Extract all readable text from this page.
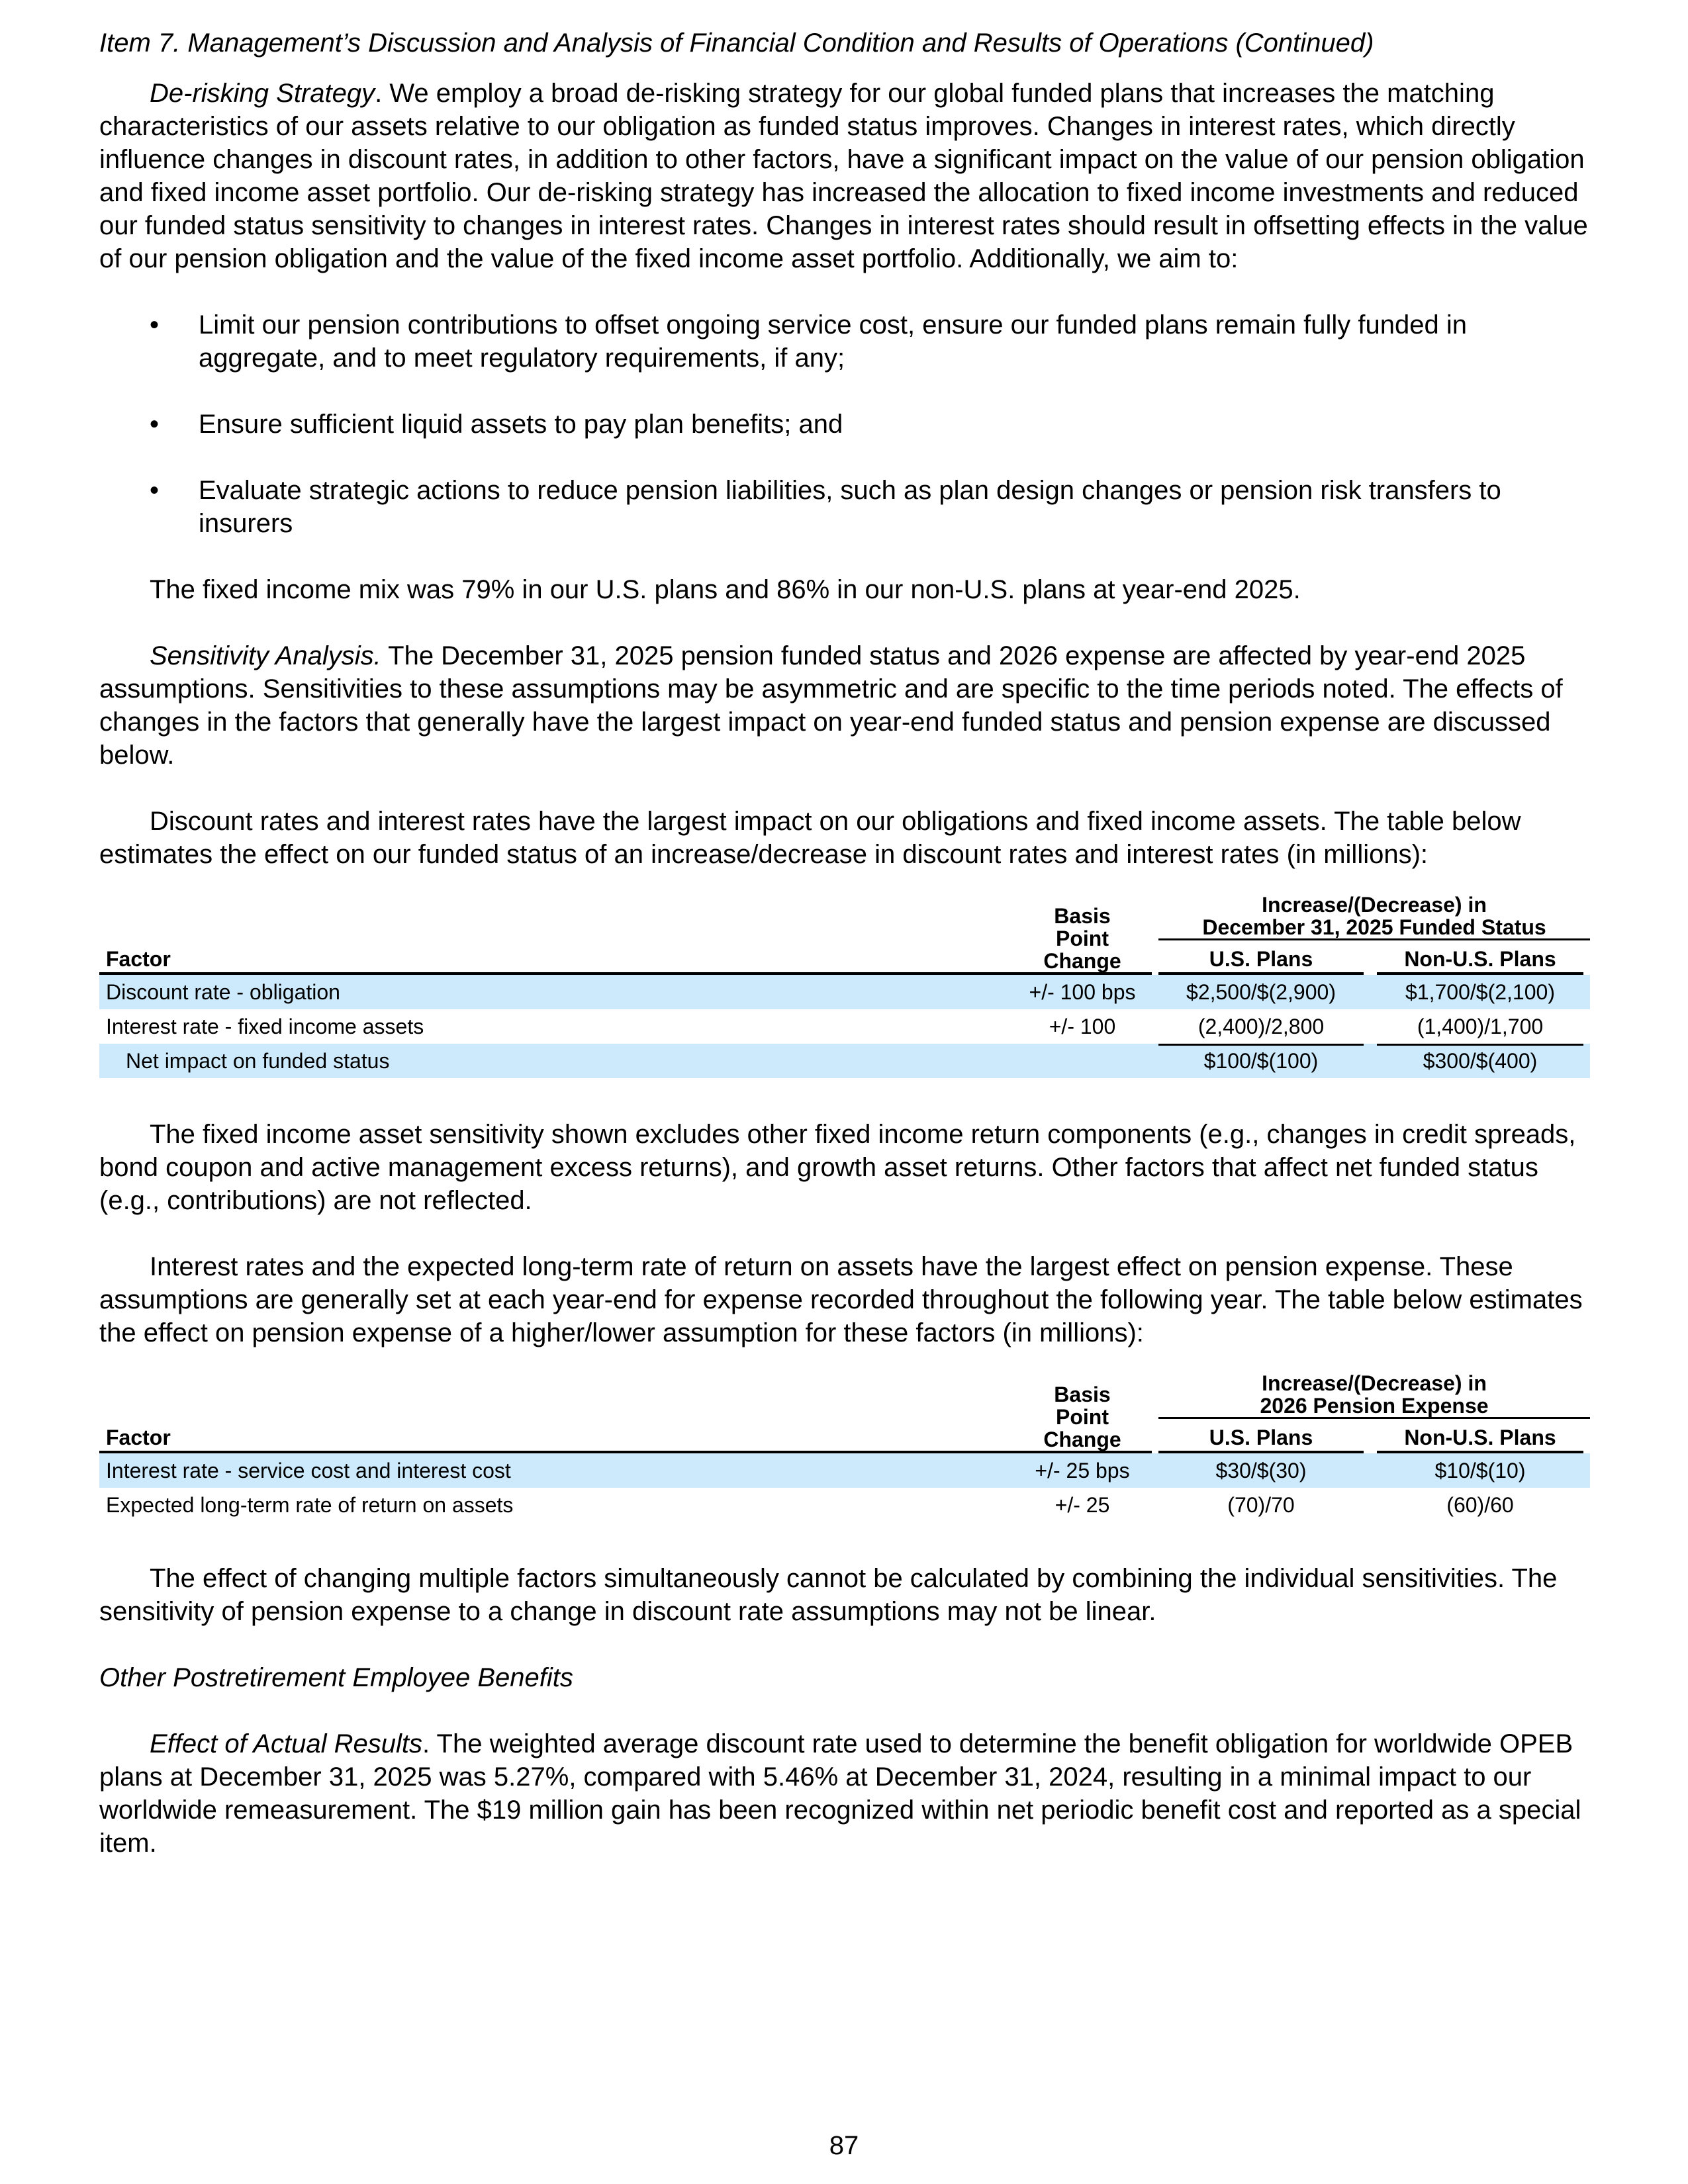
Item 7. Management’s Discussion and Analysis of Financial Condition and Results of Operations (Continued)

De-risking Strategy. We employ a broad de-risking strategy for our global funded plans that increases the matching characteristics of our assets relative to our obligation as funded status improves. Changes in interest rates, which directly influence changes in discount rates, in addition to other factors, have a significant impact on the value of our pension obligation and fixed income asset portfolio. Our de-risking strategy has increased the allocation to fixed income investments and reduced our funded status sensitivity to changes in interest rates. Changes in interest rates should result in offsetting effects in the value of our pension obligation and the value of the fixed income asset portfolio. Additionally, we aim to:

• Limit our pension contributions to offset ongoing service cost, ensure our funded plans remain fully funded in aggregate, and to meet regulatory requirements, if any;
• Ensure sufficient liquid assets to pay plan benefits; and
• Evaluate strategic actions to reduce pension liabilities, such as plan design changes or pension risk transfers to insurers

The fixed income mix was 79% in our U.S. plans and 86% in our non-U.S. plans at year-end 2025.

Sensitivity Analysis. The December 31, 2025 pension funded status and 2026 expense are affected by year-end 2025 assumptions. Sensitivities to these assumptions may be asymmetric and are specific to the time periods noted. The effects of changes in the factors that generally have the largest impact on year-end funded status and pension expense are discussed below.

Discount rates and interest rates have the largest impact on our obligations and fixed income assets. The table below estimates the effect on our funded status of an increase/decrease in discount rates and interest rates (in millions):

Factor	Basis
Point
Change	Increase/(Decrease) in
December 31, 2025 Funded Status	

		U.S. Plans	Non-U.S. Plans

Discount rate - obligation	+/- 100 bps	$2,500/$(2,900)	$1,700/$(2,100)
Interest rate - fixed income assets	+/- 100	(2,400)/2,800	(1,400)/1,700
Net impact on funded status		$100/$(100)	$300/$(400)

The fixed income asset sensitivity shown excludes other fixed income return components (e.g., changes in credit spreads, bond coupon and active management excess returns), and growth asset returns. Other factors that affect net funded status (e.g., contributions) are not reflected.

Interest rates and the expected long-term rate of return on assets have the largest effect on pension expense. These assumptions are generally set at each year-end for expense recorded throughout the following year. The table below estimates the effect on pension expense of a higher/lower assumption for these factors (in millions):

Factor	Basis
Point
Change	Increase/(Decrease) in
2026 Pension Expense	

		U.S. Plans	Non-U.S. Plans

Interest rate - service cost and interest cost	+/- 25 bps	$30/$(30)	$10/$(10)
Expected long-term rate of return on assets	+/- 25	(70)/70	(60)/60

The effect of changing multiple factors simultaneously cannot be calculated by combining the individual sensitivities. The sensitivity of pension expense to a change in discount rate assumptions may not be linear.

Other Postretirement Employee Benefits

Effect of Actual Results. The weighted average discount rate used to determine the benefit obligation for worldwide OPEB plans at December 31, 2025 was 5.27%, compared with 5.46% at December 31, 2024, resulting in a minimal impact to our worldwide remeasurement. The $19 million gain has been recognized within net periodic benefit cost and reported as a special item.

87
